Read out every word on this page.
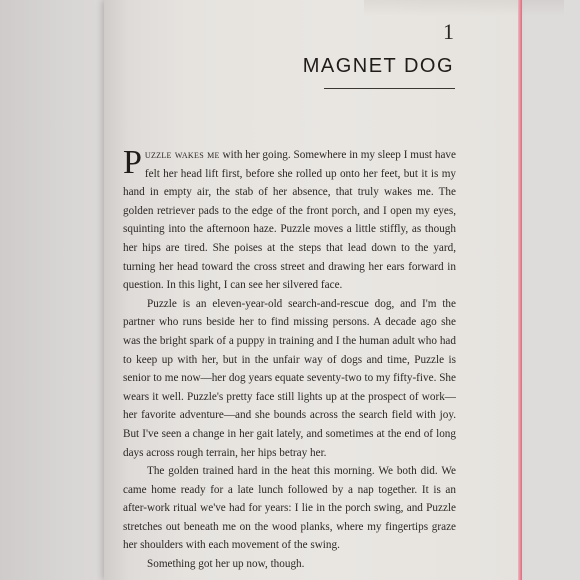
1
MAGNET DOG

Puzzle wakes me with her going. Somewhere in my sleep I must have felt her head lift first, before she rolled up onto her feet, but it is my hand in empty air, the stab of her absence, that truly wakes me. The golden retriever pads to the edge of the front porch, and I open my eyes, squinting into the afternoon haze. Puzzle moves a little stiffly, as though her hips are tired. She poises at the steps that lead down to the yard, turning her head toward the cross street and drawing her ears forward in question. In this light, I can see her silvered face.

Puzzle is an eleven-year-old search-and-rescue dog, and I'm the partner who runs beside her to find missing persons. A decade ago she was the bright spark of a puppy in training and I the human adult who had to keep up with her, but in the unfair way of dogs and time, Puzzle is senior to me now—her dog years equate seventy-two to my fifty-five. She wears it well. Puzzle's pretty face still lights up at the prospect of work—her favorite adventure—and she bounds across the search field with joy. But I've seen a change in her gait lately, and sometimes at the end of long days across rough terrain, her hips betray her.

The golden trained hard in the heat this morning. We both did. We came home ready for a late lunch followed by a nap together. It is an after-work ritual we've had for years: I lie in the porch swing, and Puzzle stretches out beneath me on the wood planks, where my fingertips graze her shoulders with each movement of the swing.

Something got her up now, though.
